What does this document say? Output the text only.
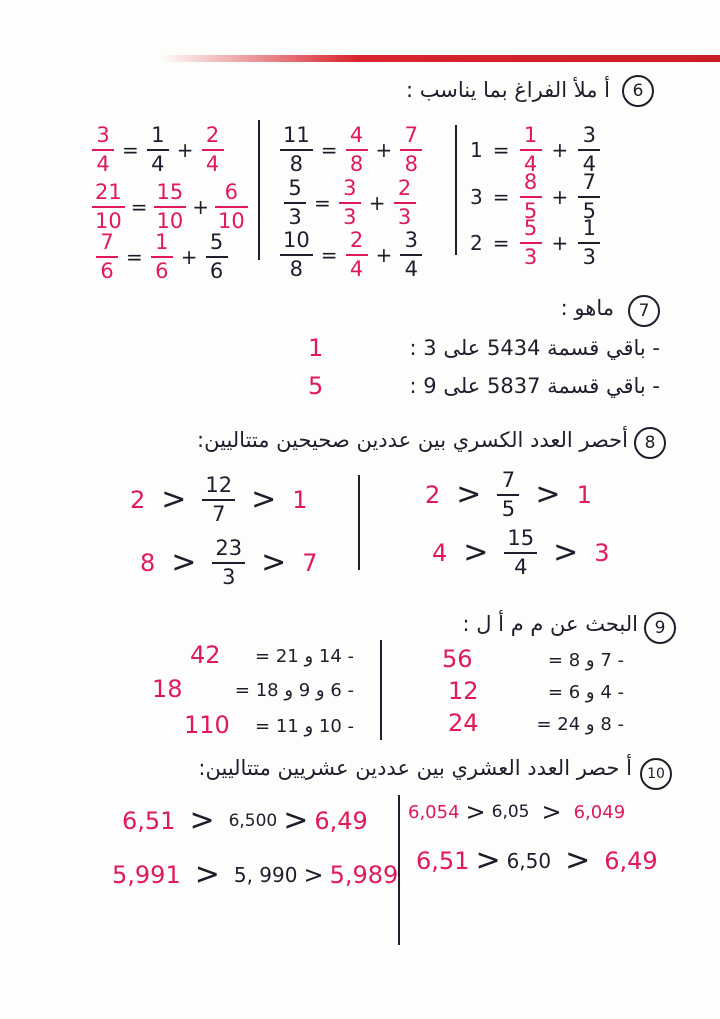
6
أ ملأ الفراغ بما يناسب :
$1 = \frac{1}{4} + \frac{3}{4}$
$3 = \frac{8}{5} + \frac{7}{5}$
$2 = \frac{5}{3} + \frac{1}{3}$
$\frac{11}{8} = \frac{4}{8} + \frac{7}{8}$
$\frac{5}{3} = \frac{3}{3} + \frac{2}{3}$
$\frac{10}{8} = \frac{2}{4} + \frac{3}{4}$
$\frac{3}{4} = \frac{1}{4} + \frac{2}{4}$
$\frac{21}{10} = \frac{15}{10} + \frac{6}{10}$
$\frac{7}{6} = \frac{1}{6} + \frac{5}{6}$
7
ماهو :
- باقي قسمة 5434 على 3 :
1
- باقي قسمة 5837 على 9 :
5
8
أحصر العدد الكسري بين عددين صحيحين متتاليين:
$2 > \frac{7}{5} > 1$
$2 > \frac{12}{7} > 1$
$4 > \frac{15}{4} > 3$
$8 > \frac{23}{3} > 7$
9
البحث عن م م أ ل :
- 7 و 8 =
56
- 4 و 6 =
12
- 8 و 24 =
24
- 14 و 21 =
42
- 6 و 9 و 18 =
18
- 10 و 11 =
110
10
أ حصر العدد العشري بين عددين عشريين متتاليين:
6,054 > 6,05 > 6,049
6,51 > 6,500 > 6,49
6,51 > 6,50 > 6,49
5,991 > 5, 990 > 5,989
